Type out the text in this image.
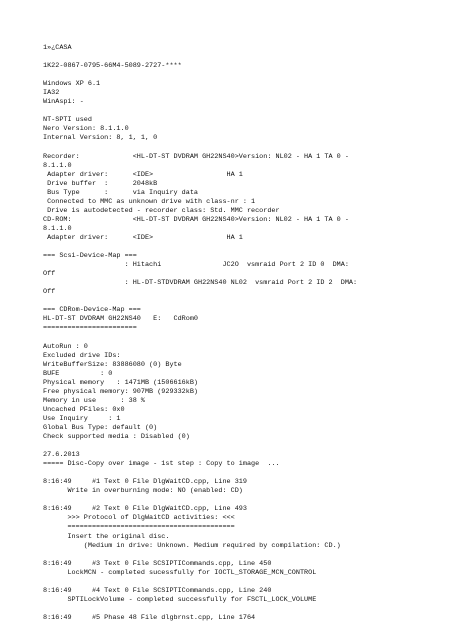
1»¿CASA
1K22-0867-0795-66M4-5089-2727-****
Windows XP 6.1
IA32
WinAspi: -
NT-SPTI used
Nero Version: 8.1.1.0
Internal Version: 8, 1, 1, 0
Recorder:             <HL-DT-ST DVDRAM GH22NS40>Version: NL02 - HA 1 TA 0 -
8.1.1.0
Adapter driver:      <IDE>                  HA 1
Drive buffer  :      2048kB
Bus Type      :      via Inquiry data
Connected to MMC as unknown drive with class-nr : 1
Drive is autodetected - recorder class: Std. MMC recorder
CD-ROM:               <HL-DT-ST DVDRAM GH22NS40>Version: NL02 - HA 1 TA 0 -
8.1.1.0
Adapter driver:      <IDE>                  HA 1
=== Scsi-Device-Map ===
: Hitachi               JC2O  vsmraid Port 2 ID 0  DMA:
Off
: HL-DT-STDVDRAM GH22NS40 NL02  vsmraid Port 2 ID 2  DMA:
Off
=== CDRom-Device-Map ===
HL-DT-ST DVDRAM GH22NS40   E:   CdRom0
=======================
AutoRun : 0
Excluded drive IDs:
WriteBufferSize: 83886080 (0) Byte
BUFE          : 0
Physical memory   : 1471MB (1506616kB)
Free physical memory: 907MB (929332kB)
Memory in use      : 38 %
Uncached PFiles: 0x0
Use Inquiry     : 1
Global Bus Type: default (0)
Check supported media : Disabled (0)
27.6.2013
===== Disc-Copy over image - 1st step : Copy to image  ...
8:16:49     #1 Text 0 File DlgWaitCD.cpp, Line 319
Write in overburning mode: NO (enabled: CD)
8:16:49     #2 Text 0 File DlgWaitCD.cpp, Line 493
>>> Protocol of DlgWaitCD activities: <<<
=========================================
Insert the original disc.
(Medium in drive: Unknown. Medium required by compilation: CD.)
8:16:49     #3 Text 0 File SCSIPTICommands.cpp, Line 450
LockMCN - completed sucessfully for IOCTL_STORAGE_MCN_CONTROL
8:16:49     #4 Text 0 File SCSIPTICommands.cpp, Line 240
SPTILockVolume - completed successfully for FSCTL_LOCK_VOLUME
8:16:49     #5 Phase 48 File dlgbrnst.cpp, Line 1764
